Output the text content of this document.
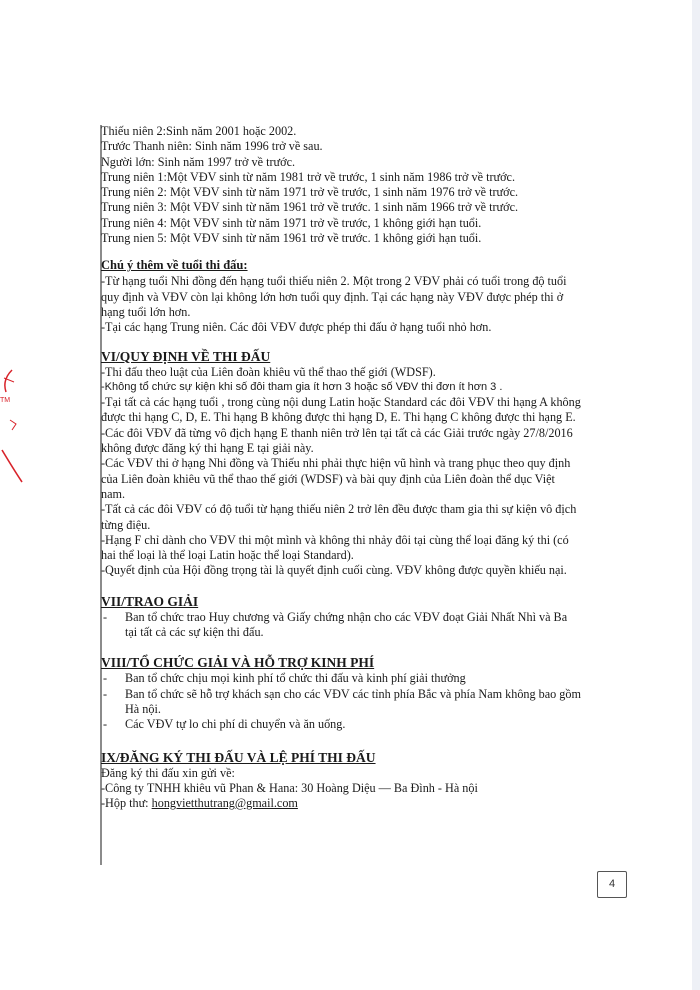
TM
Thiếu niên 2:Sinh năm 2001 hoặc 2002.
Trước Thanh niên: Sinh năm 1996 trở về sau.
Người lớn: Sinh năm 1997 trở về trước.
Trung niên 1:Một VĐV sinh từ năm 1981 trở về trước, 1 sinh năm 1986 trở về trước.
Trung niên 2: Một VĐV sinh từ năm 1971 trở về trước, 1 sinh năm 1976 trở về trước.
Trung niên 3: Một VĐV sinh từ năm 1961 trở về trước. 1 sinh năm 1966 trở về trước.
Trung niên 4: Một VĐV sinh từ năm 1971 trở về trước, 1 không giới hạn tuổi.
Trung nien 5: Một VĐV sinh từ năm 1961 trở về trước. 1 không giới hạn tuổi.
Chú ý thêm về tuổi thi đấu:
-Từ hạng tuổi Nhi đồng đến hạng tuổi thiếu niên 2. Một trong 2 VĐV phải có tuổi trong độ tuổi quy định và VĐV còn lại không lớn hơn tuổi quy định. Tại các hạng này VĐV được phép thi ở hạng tuổi lớn hơn.
-Tại các hạng Trung niên. Các đôi VĐV được phép thi đấu ở hạng tuổi nhỏ hơn.
VI/QUY ĐỊNH VỀ THI ĐẤU
-Thi đấu theo luật của Liên đoàn khiêu vũ thể thao thế giới (WDSF).
-Không tổ chức sự kiện khi số đôi tham gia ít hơn 3 hoặc số VĐV thi đơn ít hơn 3 .
-Tại tất cả các hạng tuổi , trong cùng nội dung Latin hoặc Standard các đôi VĐV thi hạng A không được thi hạng C, D, E. Thi hạng B không được thi hạng D, E. Thi hạng C không được thi hạng E.
-Các đôi VĐV đã từng vô địch hạng E thanh niên trở lên tại tất cả các Giải trước ngày 27/8/2016 không được đăng ký thi hạng E tại giải này.
-Các VĐV thi ở hạng Nhi đồng và Thiếu nhi phải thực hiện vũ hình và trang phục theo quy định của Liên đoàn khiêu vũ thể thao thế giới (WDSF) và bài quy định của Liên đoàn thể dục Việt nam.
-Tất cả các đôi VĐV có độ tuổi từ hạng thiếu niên 2 trở lên đều được tham gia thi sự kiện vô địch từng điệu.
-Hạng F chỉ dành cho VĐV thi một mình và không thi nhảy đôi tại cùng thể loại đăng ký thi (có hai thể loại là thể loại Latin hoặc thể loại Standard).
-Quyết định của Hội đồng trọng tài là quyết định cuối cùng. VĐV không được quyền khiếu nại.
VII/TRAO GIẢI
-	Ban tổ chức trao Huy chương và Giấy chứng nhận cho các VĐV đoạt Giải Nhất Nhì và Ba tại tất cả các sự kiện thi đấu.
VIII/TỔ CHỨC GIẢI VÀ HỖ TRỢ KINH PHÍ
-	Ban tổ chức chịu mọi kinh phí tổ chức thi đấu và kinh phí giải thưởng
-	Ban tổ chức sẽ hỗ trợ khách sạn cho các VĐV các tỉnh phía Bắc và phía Nam không bao gồm Hà nội.
-	Các VĐV tự lo chi phí di chuyển và ăn uống.
IX/ĐĂNG KÝ THI ĐẤU VÀ LỆ PHÍ THI ĐẤU
Đăng ký thi đấu xin gửi về:
-Công ty TNHH khiêu vũ Phan & Hana: 30 Hoàng Diệu — Ba Đình - Hà nội
-Hộp thư: hongvietthutrang@gmail.com
4
